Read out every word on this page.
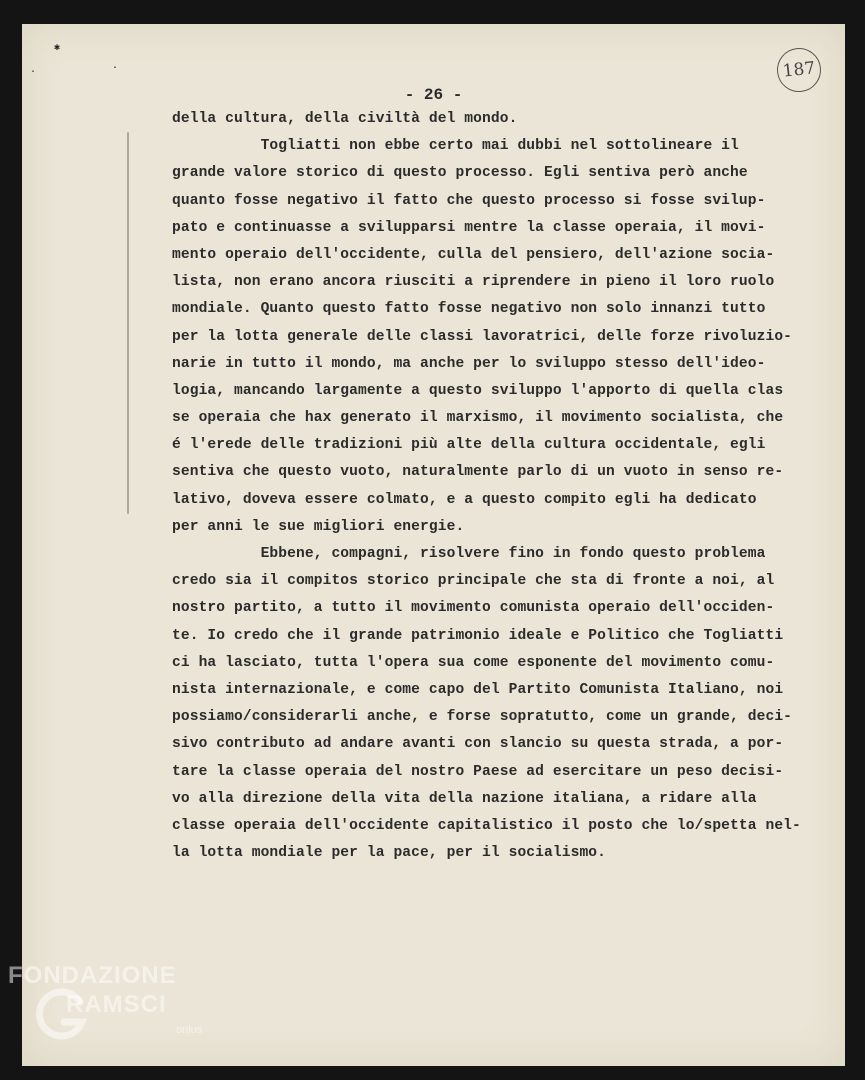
✱
·	·
- 26 -
187
della cultura, della civiltà del mondo.
Togliatti non ebbe certo mai dubbi nel sottolineare il
grande valore storico di questo processo. Egli sentiva però anche
quanto fosse negativo il fatto che questo processo si fosse svilup-
pato e continuasse a svilupparsi mentre la classe operaia, il movi-
mento operaio dell'occidente, culla del pensiero, dell'azione socia-
lista, non erano ancora riusciti a riprendere in pieno il loro ruolo
mondiale. Quanto questo fatto fosse negativo non solo innanzi tutto
per la lotta generale delle classi lavoratrici, delle forze rivoluzio-
narie in tutto il mondo, ma anche per lo sviluppo stesso dell'ideo-
logia, mancando largamente a questo sviluppo l'apporto di quella clas
se operaia che hax generato il marxismo, il movimento socialista, che
é l'erede delle tradizioni più alte della cultura occidentale, egli
sentiva che questo vuoto, naturalmente parlo di un vuoto in senso re-
lativo, doveva essere colmato, e a questo compito egli ha dedicato
per anni le sue migliori energie.
Ebbene, compagni, risolvere fino in fondo questo problema
credo sia il compitos storico principale che sta di fronte a noi, al
nostro partito, a tutto il movimento comunista operaio dell'occiden-
te. Io credo che il grande patrimonio ideale e Politico che Togliatti
ci ha lasciato, tutta l'opera sua come esponente del movimento comu-
nista internazionale, e come capo del Partito Comunista Italiano, noi
possiamo/considerarli anche, e forse sopratutto, come un grande, deci-
sivo contributo ad andare avanti con slancio su questa strada, a por-
tare la classe operaia del nostro Paese ad esercitare un peso decisi-
vo alla direzione della vita della nazione italiana, a ridare alla
classe operaia dell'occidente capitalistico il posto che lo/spetta nel-
la lotta mondiale per la pace, per il socialismo.
FONDAZIONE
RAMSCI
onlus
